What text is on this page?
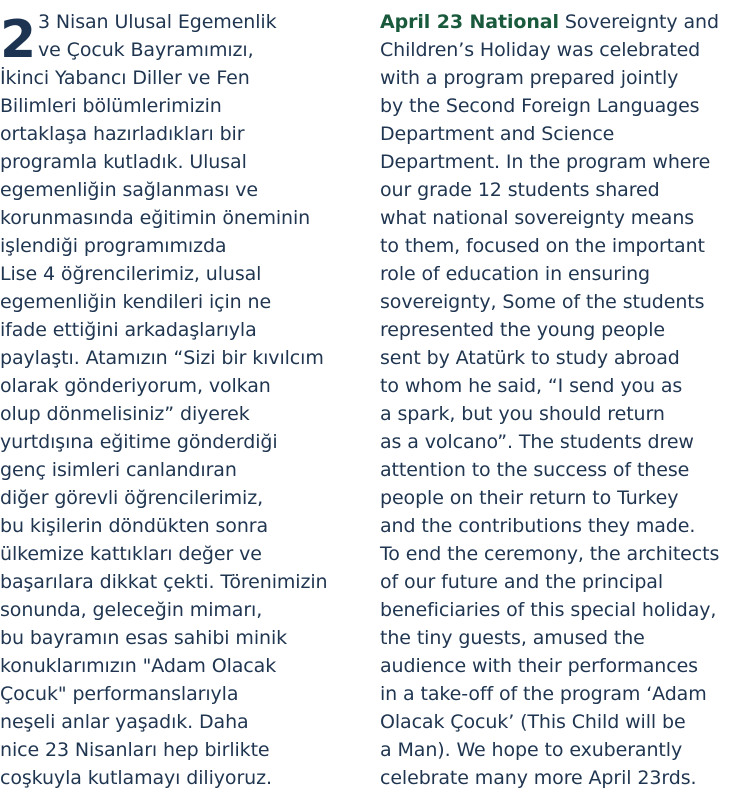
2 3 Nisan Ulusal Egemenlik
ve Çocuk Bayramımızı,
İkinci Yabancı Diller ve Fen
Bilimleri bölümlerimizin
ortaklaşa hazırladıkları bir
programla kutladık. Ulusal
egemenliğin sağlanması ve
korunmasında eğitimin öneminin
işlendiği programımızda
Lise 4 öğrencilerimiz, ulusal
egemenliğin kendileri için ne
ifade ettiğini arkadaşlarıyla
paylaştı. Atamızın “Sizi bir kıvılcım
olarak gönderiyorum, volkan
olup dönmelisiniz” diyerek
yurtdışına eğitime gönderdiği
genç isimleri canlandıran
diğer görevli öğrencilerimiz,
bu kişilerin döndükten sonra
ülkemize kattıkları değer ve
başarılara dikkat çekti. Törenimizin
sonunda, geleceğin mimarı,
bu bayramın esas sahibi minik
konuklarımızın "Adam Olacak
Çocuk" performanslarıyla
neşeli anlar yaşadık. Daha
nice 23 Nisanları hep birlikte
coşkuyla kutlamayı diliyoruz.
April 23 National Sovereignty and
Children’s Holiday was celebrated
with a program prepared jointly
by the Second Foreign Languages
Department and Science
Department. In the program where
our grade 12 students shared
what national sovereignty means
to them, focused on the important
role of education in ensuring
sovereignty, Some of the students
represented the young people
sent by Atatürk to study abroad
to whom he said, “I send you as
a spark, but you should return
as a volcano”. The students drew
attention to the success of these
people on their return to Turkey
and the contributions they made.
To end the ceremony, the architects
of our future and the principal
beneficiaries of this special holiday,
the tiny guests, amused the
audience with their performances
in a take-off of the program ‘Adam
Olacak Çocuk’ (This Child will be
a Man). We hope to exuberantly
celebrate many more April 23rds.
